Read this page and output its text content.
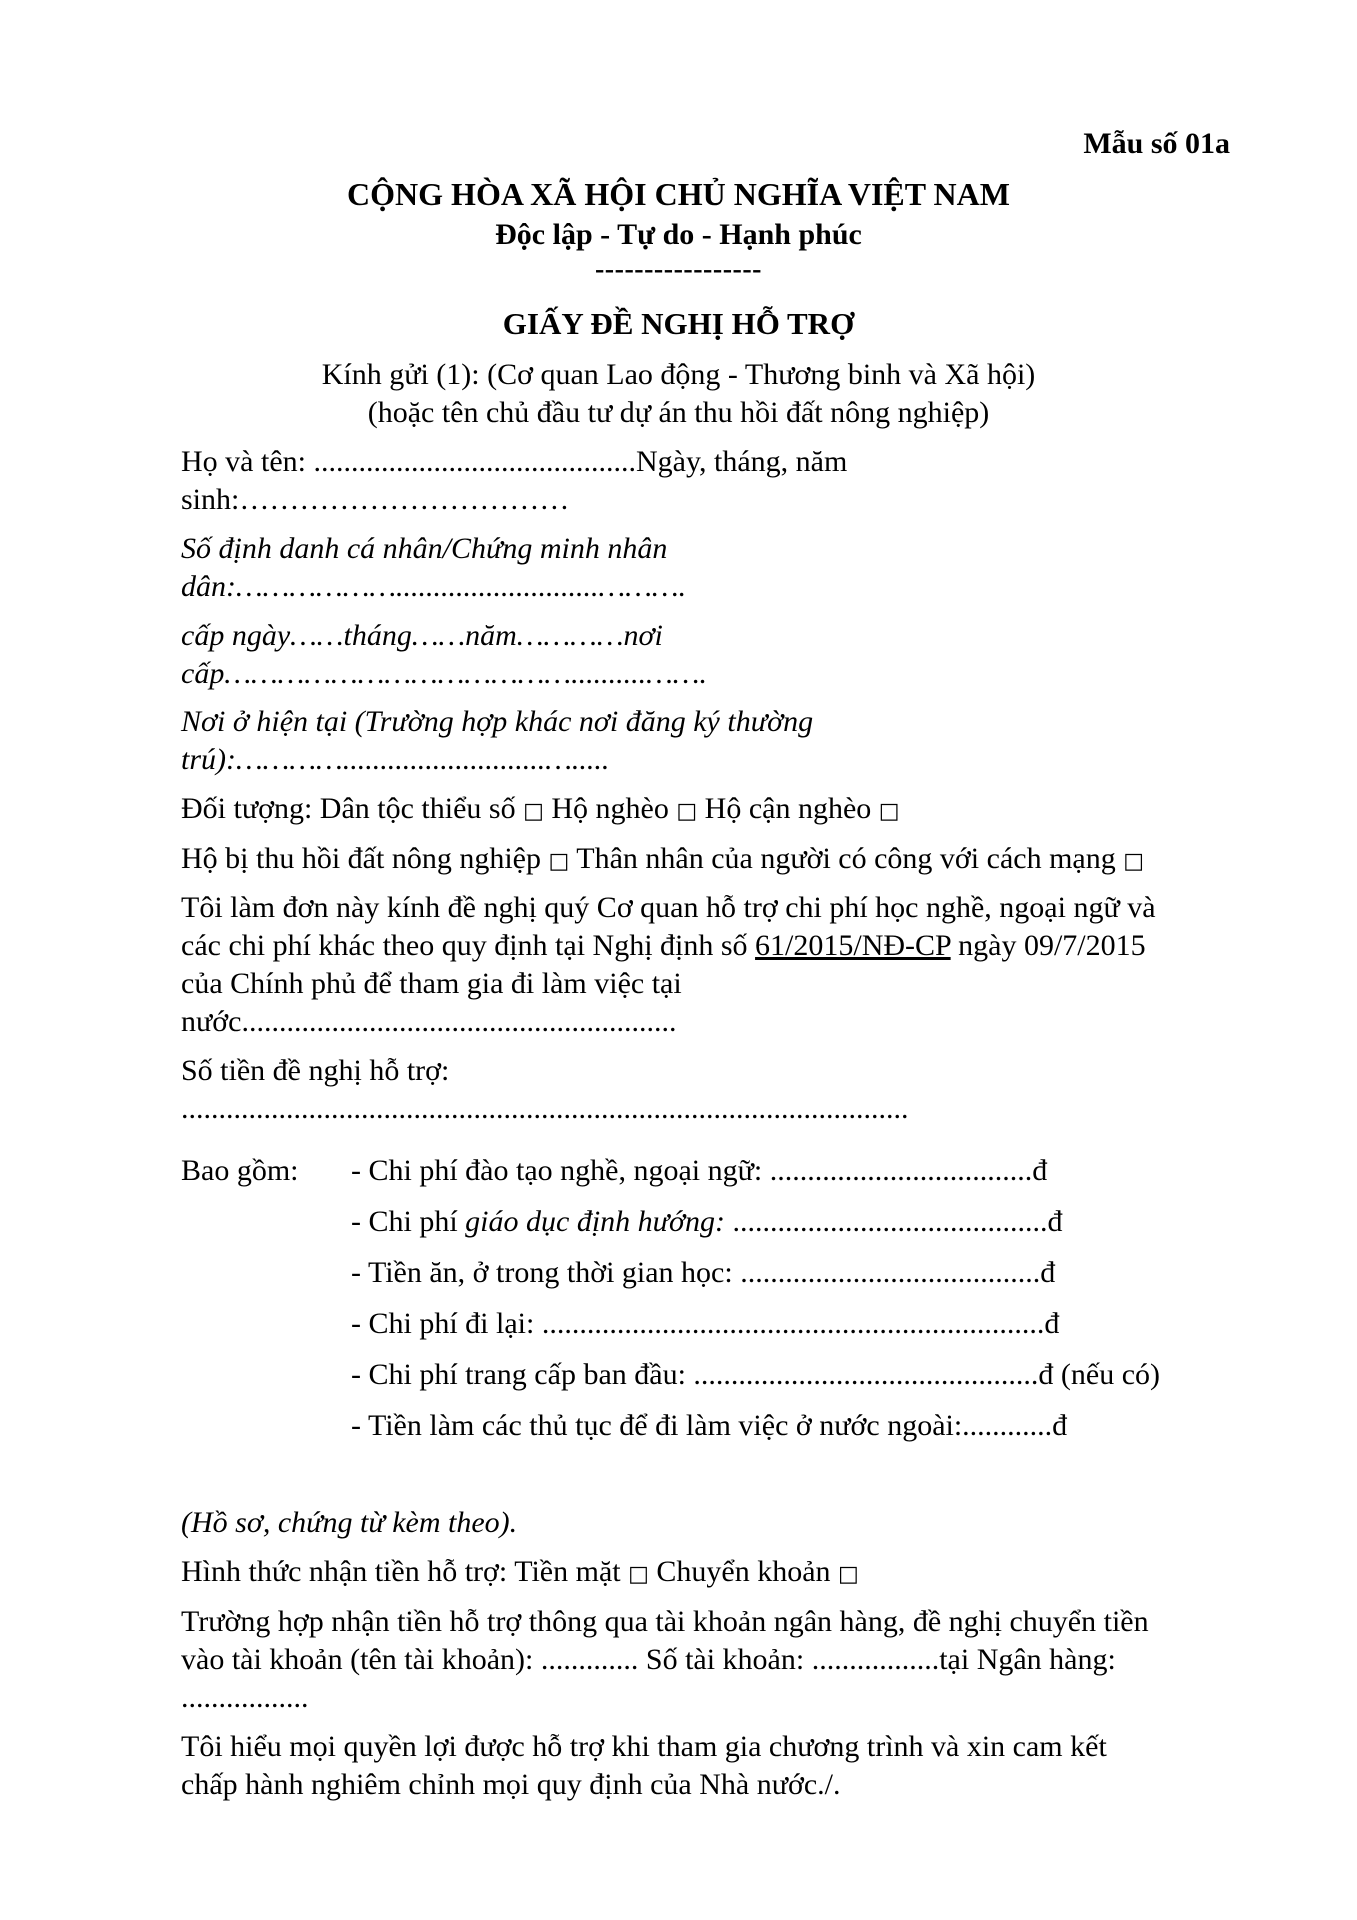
Mẫu số 01a
CỘNG HÒA XÃ HỘI CHỦ NGHĨA VIỆT NAM
Độc lập - Tự do - Hạnh phúc
-----------------
GIẤY ĐỀ NGHỊ HỖ TRỢ
Kính gửi (1): (Cơ quan Lao động - Thương binh và Xã hội)
(hoặc tên chủ đầu tư dự án thu hồi đất nông nghiệp)

Họ và tên: ...........................................Ngày, tháng, năm

sinh:……………………………

Số định danh cá nhân/Chứng minh nhân

dân:………………...........................……….

cấp ngày……tháng……năm…………nơi

cấp…………………………………..........…….

Nơi ở hiện tại (Trường hợp khác nơi đăng ký thường

trú):…………...........................….....

Đối tượng: Dân tộc thiểu số □ Hộ nghèo □ Hộ cận nghèo □

Hộ bị thu hồi đất nông nghiệp □ Thân nhân của người có công với cách mạng □

Tôi làm đơn này kính đề nghị quý Cơ quan hỗ trợ chi phí học nghề, ngoại ngữ và

các chi phí khác theo quy định tại Nghị định số 61/2015/NĐ-CP ngày 09/7/2015

của Chính phủ để tham gia đi làm việc tại

nước..........................................................

Số tiền đề nghị hỗ trợ:

.................................................................................................

Bao gồm: - Chi phí đào tạo nghề, ngoại ngữ: ...................................đ

- Chi phí giáo dục định hướng: ..........................................đ

- Tiền ăn, ở trong thời gian học: ........................................đ

- Chi phí đi lại: ...................................................................đ

- Chi phí trang cấp ban đầu: ..............................................đ (nếu có)

- Tiền làm các thủ tục để đi làm việc ở nước ngoài:............đ

(Hồ sơ, chứng từ kèm theo).

Hình thức nhận tiền hỗ trợ: Tiền mặt □ Chuyển khoản □

Trường hợp nhận tiền hỗ trợ thông qua tài khoản ngân hàng, đề nghị chuyển tiền

vào tài khoản (tên tài khoản): ............. Số tài khoản: .................tại Ngân hàng:

.................

Tôi hiểu mọi quyền lợi được hỗ trợ khi tham gia chương trình và xin cam kết

chấp hành nghiêm chỉnh mọi quy định của Nhà nước./.
